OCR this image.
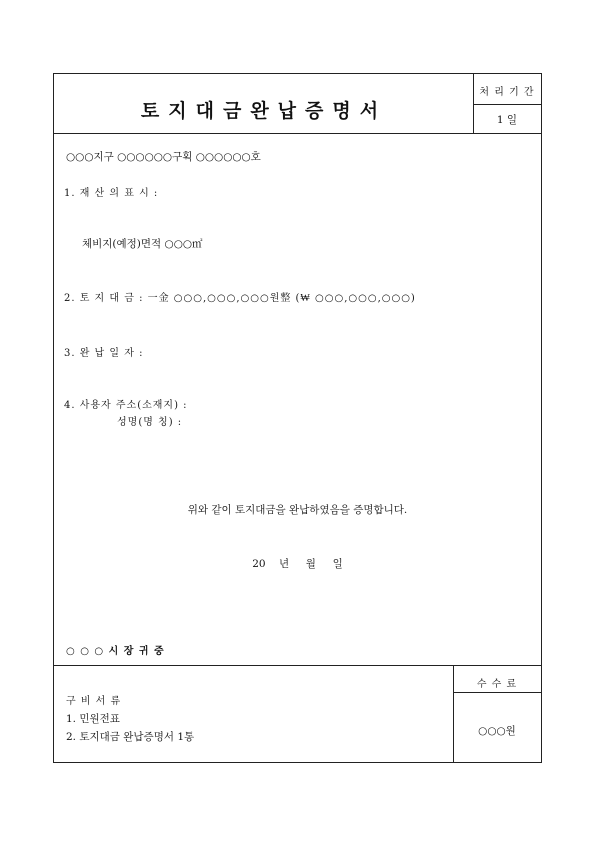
토지대금완납증명서
처 리 기 간
1 일
○○○지구 ○○○○○○구획 ○○○○○○호
1. 재 산 의 표 시 :
체비지(예정)면적 ○○○㎡
2. 토 지 대 금 : 一金 ○○○,○○○,○○○원整 (₩ ○○○,○○○,○○○)
3. 완 납 일 자 :
4. 사용자 주소(소재지) :
성명(명 칭) :
위와 같이 토지대금을 완납하였음을 증명합니다.
20    년     월     일
○ ○ ○ 시 장 귀 중
구 비 서 류
1. 민원전표
2. 토지대금 완납증명서 1통
수 수 료
○○○원
